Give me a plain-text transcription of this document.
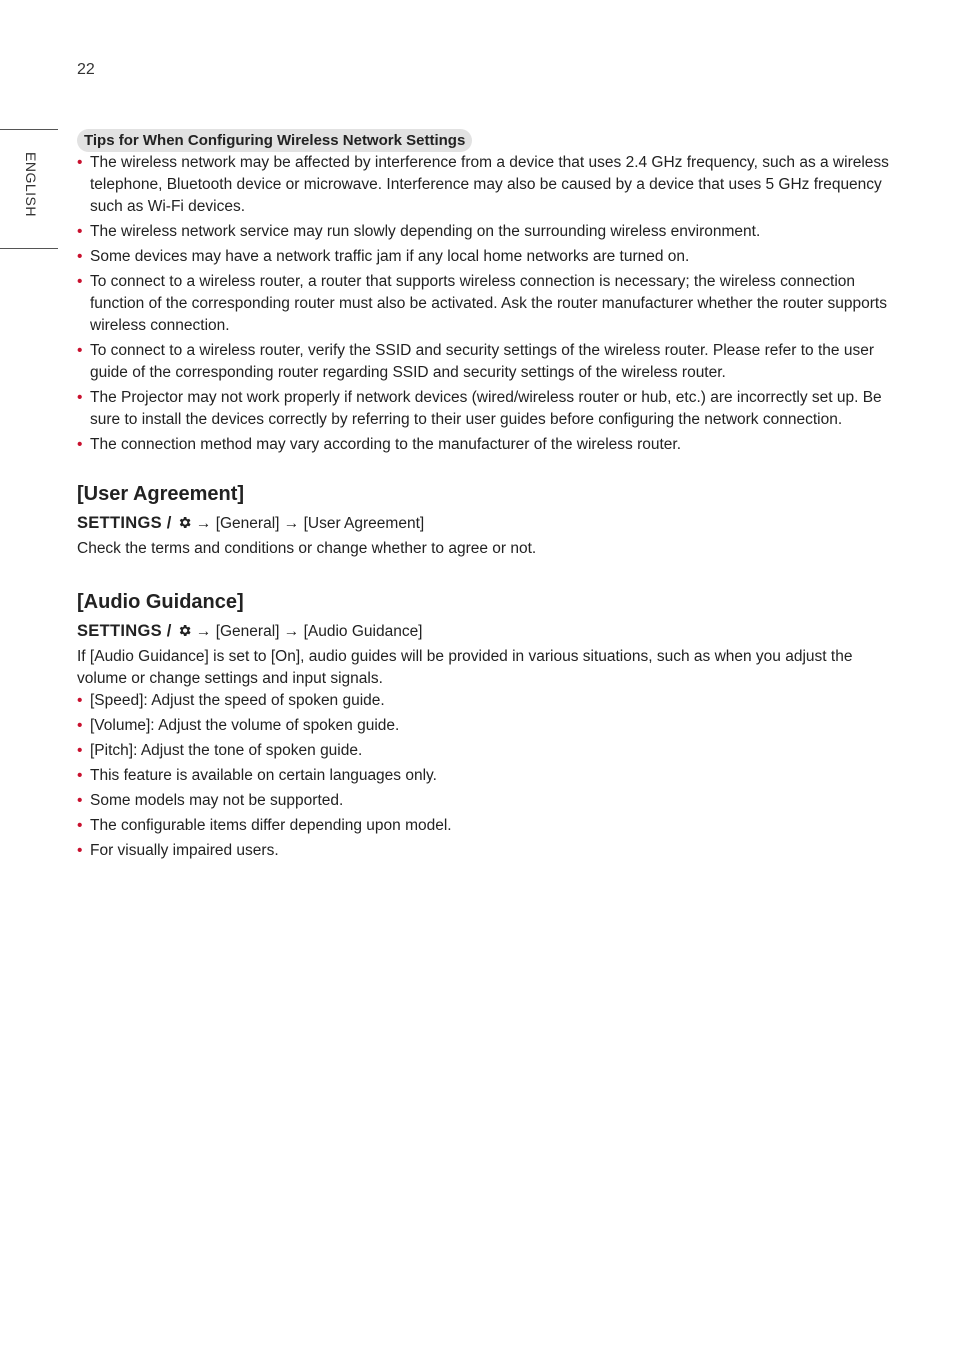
22
ENGLISH
Tips for When Configuring Wireless Network Settings
• The wireless network may be affected by interference from a device that uses 2.4 GHz frequency, such as a wireless telephone, Bluetooth device or microwave. Interference may also be caused by a device that uses 5 GHz frequency such as Wi-Fi devices.
• The wireless network service may run slowly depending on the surrounding wireless environment.
• Some devices may have a network traffic jam if any local home networks are turned on.
• To connect to a wireless router, a router that supports wireless connection is necessary; the wireless connection function of the corresponding router must also be activated. Ask the router manufacturer whether the router supports wireless connection.
• To connect to a wireless router, verify the SSID and security settings of the wireless router. Please refer to the user guide of the corresponding router regarding SSID and security settings of the wireless router.
• The Projector may not work properly if network devices (wired/wireless router or hub, etc.) are incorrectly set up. Be sure to install the devices correctly by referring to their user guides before configuring the network connection.
• The connection method may vary according to the manufacturer of the wireless router.
[User Agreement]
SETTINGS /  → [General] → [User Agreement]
Check the terms and conditions or change whether to agree or not.
[Audio Guidance]
SETTINGS /  → [General] → [Audio Guidance]
If [Audio Guidance] is set to [On], audio guides will be provided in various situations, such as when you adjust the volume or change settings and input signals.
• [Speed]: Adjust the speed of spoken guide.
• [Volume]: Adjust the volume of spoken guide.
• [Pitch]: Adjust the tone of spoken guide.
• This feature is available on certain languages only.
• Some models may not be supported.
• The configurable items differ depending upon model.
• For visually impaired users.
